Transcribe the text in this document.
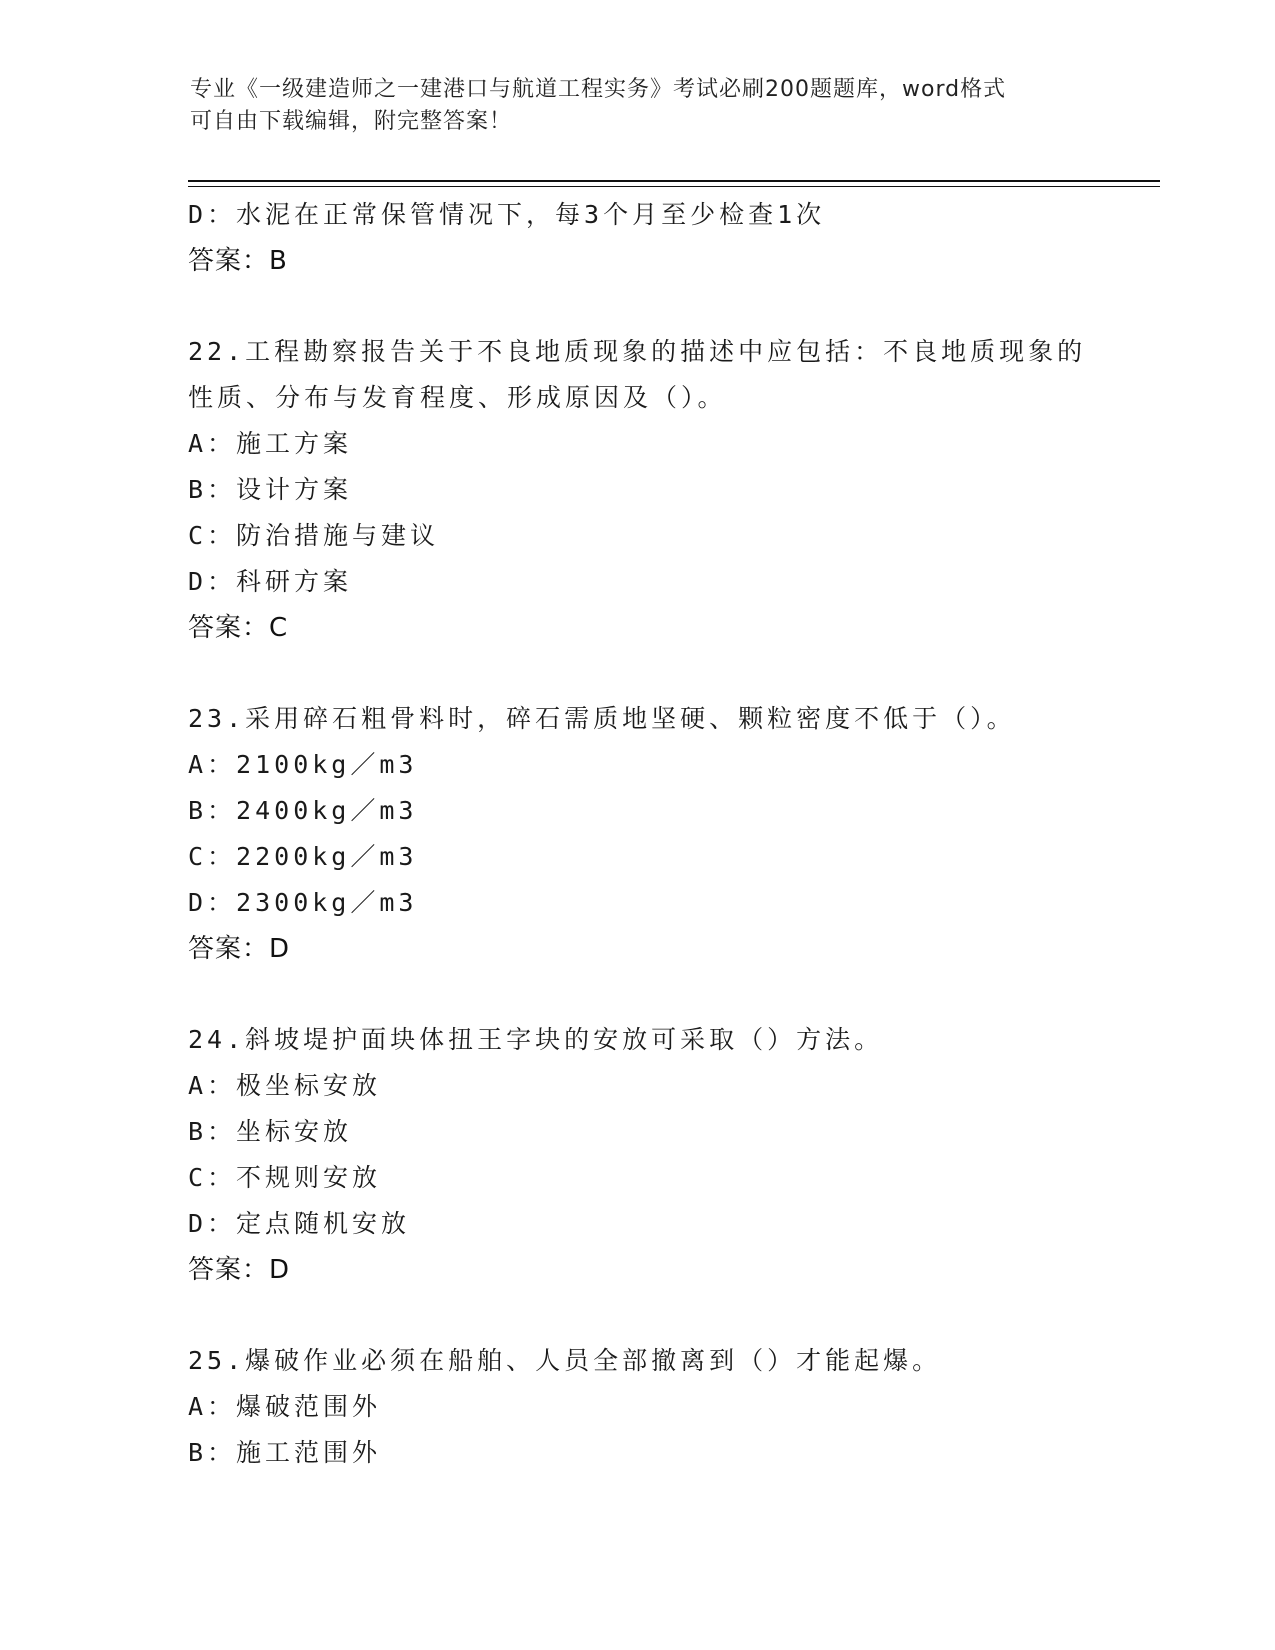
专业《一级建造师之一建港口与航道工程实务》考试必刷200题题库，word格式
可自由下载编辑，附完整答案！
D：水泥在正常保管情况下，每3个月至少检查1次
答案：B
22.工程勘察报告关于不良地质现象的描述中应包括：不良地质现象的
性质、分布与发育程度、形成原因及（）。
A：施工方案
B：设计方案
C：防治措施与建议
D：科研方案
答案：C
23.采用碎石粗骨料时，碎石需质地坚硬、颗粒密度不低于（）。
A：2100kg／m3
B：2400kg／m3
C：2200kg／m3
D：2300kg／m3
答案：D
24.斜坡堤护面块体扭王字块的安放可采取（）方法。
A：极坐标安放
B：坐标安放
C：不规则安放
D：定点随机安放
答案：D
25.爆破作业必须在船舶、人员全部撤离到（）才能起爆。
A：爆破范围外
B：施工范围外
